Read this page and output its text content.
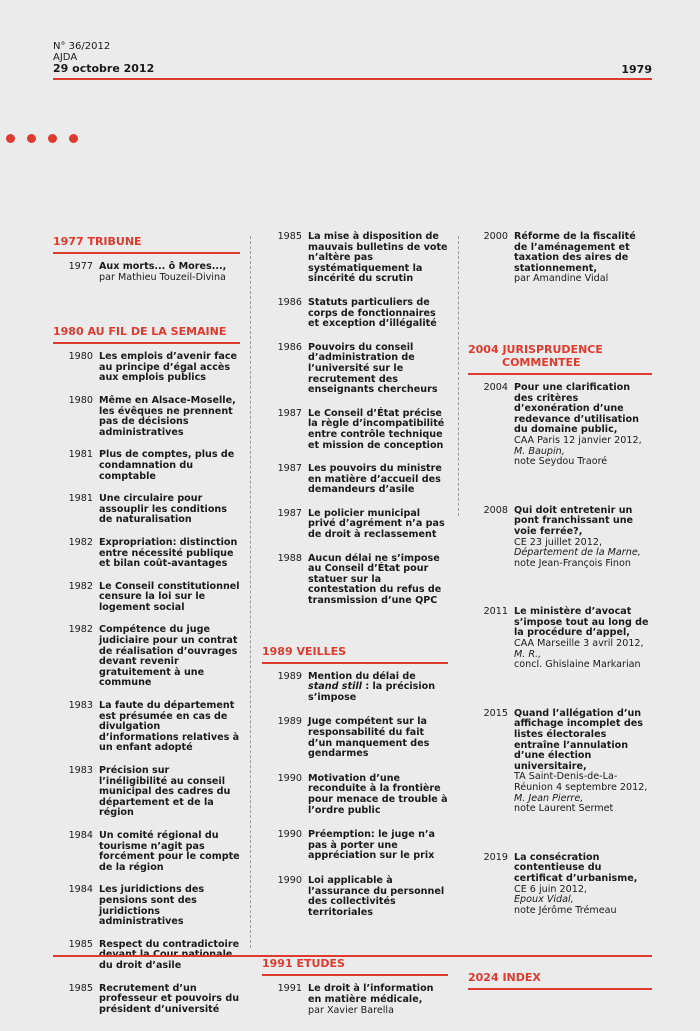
N° 36/2012
AJDA
29 octobre 2012	1979
1977 TRIBUNE
1977 Aux morts... ô Mores...,
par Mathieu Touzeil-Divina
1980 AU FIL DE LA SEMAINE
1980 Les emplois d’avenir face au principe d’égal accès aux emplois publics
1980 Même en Alsace-Moselle, les évêques ne prennent pas de décisions administratives
1981 Plus de comptes, plus de condamnation du comptable
1981 Une circulaire pour assouplir les conditions de naturalisation
1982 Expropriation: distinction entre nécessité publique et bilan coût-avantages
1982 Le Conseil constitutionnel censure la loi sur le logement social
1982 Compétence du juge judiciaire pour un contrat de réalisation d’ouvrages devant revenir gratuitement à une commune
1983 La faute du département est présumée en cas de divulgation d’informations relatives à un enfant adopté
1983 Précision sur l’inéligibilité au conseil municipal des cadres du département et de la région
1984 Un comité régional du tourisme n’agit pas forcément pour le compte de la région
1984 Les juridictions des pensions sont des juridictions administratives
1985 Respect du contradictoire du droit d’asile
1985 Recrutement d’un professeur et pouvoirs du président d’université
1985 La mise à disposition de mauvais bulletins de vote n’altère pas systématiquement la sincérité du scrutin
1986 Statuts particuliers de corps de fonctionnaires et exception d’illégalité
1986 Pouvoirs du conseil d’administration de l’université sur le recrutement des enseignants chercheurs
1987 Le Conseil d’État précise la règle d’incompatibilité entre contrôle technique et mission de conception
1987 Les pouvoirs du ministre en matière d’accueil des demandeurs d’asile
1987 Le policier municipal privé d’agrément n’a pas de droit à reclassement
1988 Aucun délai ne s’impose au Conseil d’État pour statuer sur la contestation du refus de transmission d’une QPC
1989 VEILLES
1989 Mention du délai de stand still : la précision s’impose
1989 Juge compétent sur la responsabilité du fait d’un manquement des gendarmes
1990 Motivation d’une reconduite à la frontière pour menace de trouble à l’ordre public
1990 Préemption: le juge n’a pas à porter une appréciation sur le prix
1990 Loi applicable à l’assurance du personnel des collectivités territoriales
1991 ETUDES
1991 Le droit à l’information en matière médicale,
par Xavier Barella
2000 Réforme de la fiscalité de l’aménagement et taxation des aires de stationnement,
par Amandine Vidal
2004 JURISPRUDENCE
COMMENTEE
2004 Pour une clarification des critères d’exonération d’une redevance d’utilisation du domaine public,
CAA Paris 12 janvier 2012,
M. Baupin,
note Seydou Traoré
2008 Qui doit entretenir un pont franchissant une voie ferrée?,
CE 23 juillet 2012,
Département de la Marne,
note Jean-François Finon
2011 Le ministère d’avocat s’impose tout au long de la procédure d’appel,
CAA Marseille 3 avril 2012,
M. R.,
concl. Ghislaine Markarian
2015 Quand l’allégation d’un affichage incomplet des listes électorales entraîne l’annulation d’une élection universitaire,
TA Saint-Denis-de-La-Réunion 4 septembre 2012,
M. Jean Pierre,
note Laurent Sermet
2019 La consécration contentieuse du certificat d’urbanisme,
CE 6 juin 2012,
Epoux Vidal,
note Jérôme Trémeau
2024 INDEX
